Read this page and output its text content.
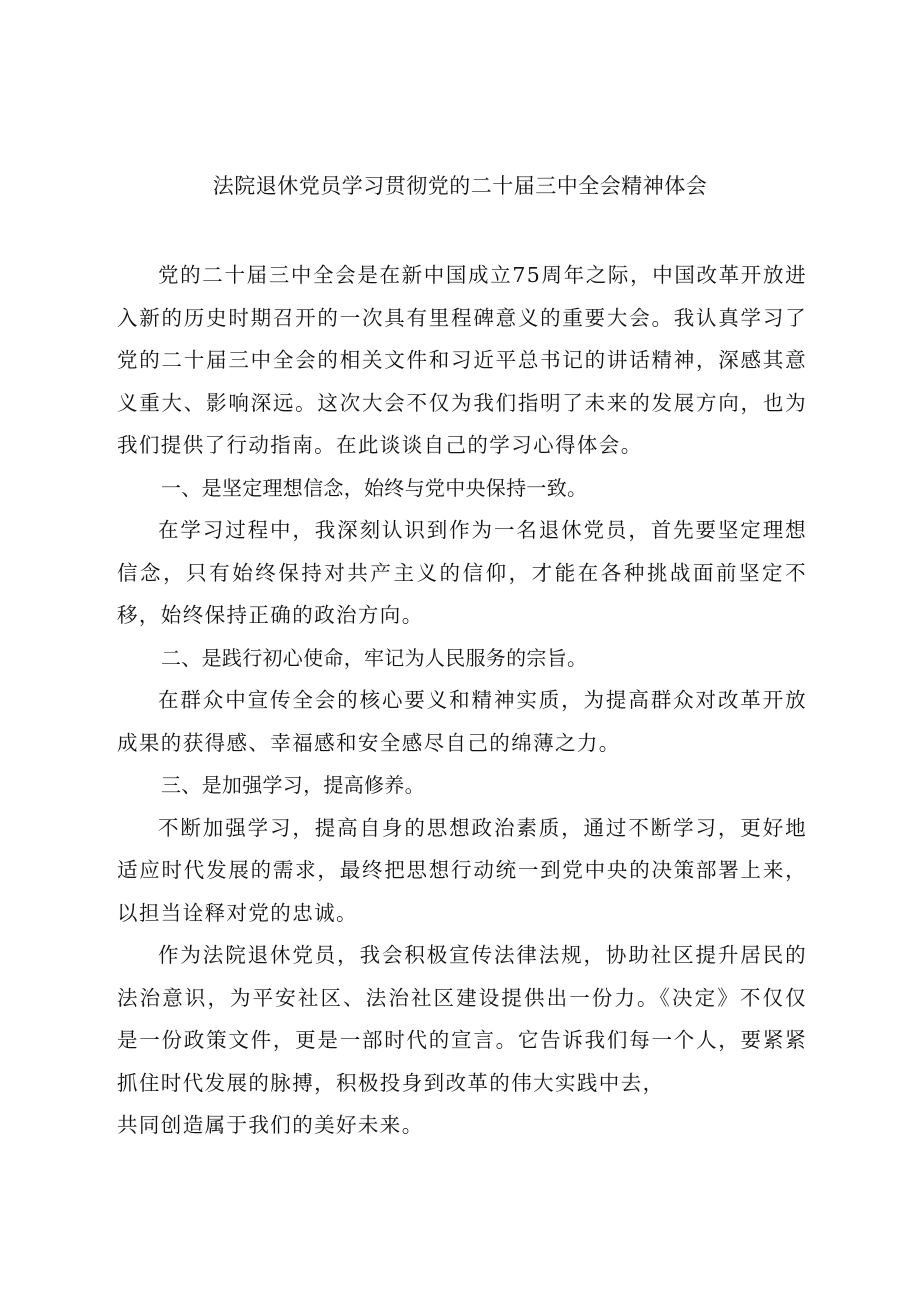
法院退休党员学习贯彻党的二十届三中全会精神体会

党的二十届三中全会是在新中国成立75周年之际，中国改革开放进入新的历史时期召开的一次具有里程碑意义的重要大会。我认真学习了党的二十届三中全会的相关文件和习近平总书记的讲话精神，深感其意义重大、影响深远。这次大会不仅为我们指明了未来的发展方向，也为我们提供了行动指南。在此谈谈自己的学习心得体会。

一、是坚定理想信念，始终与党中央保持一致。

在学习过程中，我深刻认识到作为一名退休党员，首先要坚定理想信念，只有始终保持对共产主义的信仰，才能在各种挑战面前坚定不移，始终保持正确的政治方向。

二、是践行初心使命，牢记为人民服务的宗旨。

在群众中宣传全会的核心要义和精神实质，为提高群众对改革开放成果的获得感、幸福感和安全感尽自己的绵薄之力。

三、是加强学习，提高修养。

不断加强学习，提高自身的思想政治素质，通过不断学习，更好地适应时代发展的需求，最终把思想行动统一到党中央的决策部署上来，以担当诠释对党的忠诚。

作为法院退休党员，我会积极宣传法律法规，协助社区提升居民的法治意识，为平安社区、法治社区建设提供出一份力。《决定》不仅仅是一份政策文件，更是一部时代的宣言。它告诉我们每一个人，要紧紧抓住时代发展的脉搏，积极投身到改革的伟大实践中去，

共同创造属于我们的美好未来。
